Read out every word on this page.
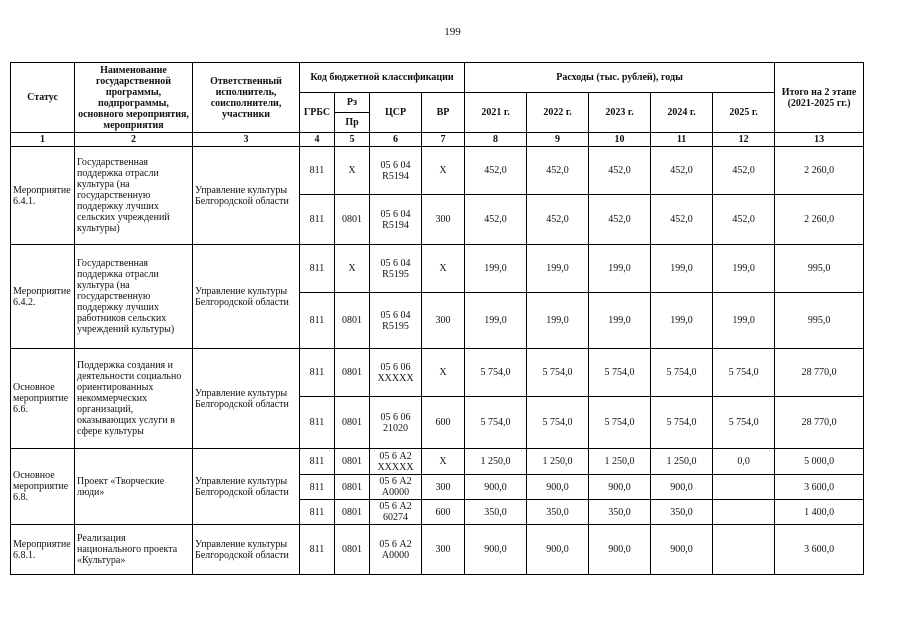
199
Статус	Наименование государственной программы, подпрограммы, основного мероприятия, мероприятия	Ответственный исполнитель, соисполнители, участники	Код бюджетной классификации				Расходы (тыс. рублей), годы					Итого на 2 этапе (2021-2025 гг.)
			ГРБС	Рз	ЦСР	ВР	2021 г.	2022 г.	2023 г.	2024 г.	2025 г.	
				Пр								
1	2	3	4	5	6	7	8	9	10	11	12	13
Мероприятие 6.4.1.	Государственная поддержка отрасли культура (на государственную поддержку лучших сельских учреждений культуры)	Управление культуры Белгородской области	811	Х	05 6 04 R5194	Х	452,0	452,0	452,0	452,0	452,0	2 260,0
			811	0801	05 6 04 R5194	300	452,0	452,0	452,0	452,0	452,0	2 260,0
Мероприятие 6.4.2.	Государственная поддержка отрасли культура (на государственную поддержку лучших работников сельских учреждений культуры)	Управление культуры Белгородской области	811	Х	05 6 04 R5195	Х	199,0	199,0	199,0	199,0	199,0	995,0
			811	0801	05 6 04 R5195	300	199,0	199,0	199,0	199,0	199,0	995,0
Основное мероприятие 6.6.	Поддержка создания и деятельности социально ориентированных некоммерческих организаций, оказывающих услуги в сфере культуры	Управление культуры Белгородской области	811	0801	05 6 06 ХХХХХ	Х	5 754,0	5 754,0	5 754,0	5 754,0	5 754,0	28 770,0
			811	0801	05 6 06 21020	600	5 754,0	5 754,0	5 754,0	5 754,0	5 754,0	28 770,0
Основное мероприятие 6.8.	Проект «Творческие люди»	Управление культуры Белгородской области	811	0801	05 6 А2 ХХХХХ	Х	1 250,0	1 250,0	1 250,0	1 250,0	0,0	5 000,0
			811	0801	05 6 А2 А0000	300	900,0	900,0	900,0	900,0		3 600,0
			811	0801	05 6 А2 60274	600	350,0	350,0	350,0	350,0		1 400,0
Мероприятие 6.8.1.	Реализация национального проекта «Культура»	Управление культуры Белгородской области	811	0801	05 6 А2 А0000	300	900,0	900,0	900,0	900,0		3 600,0
